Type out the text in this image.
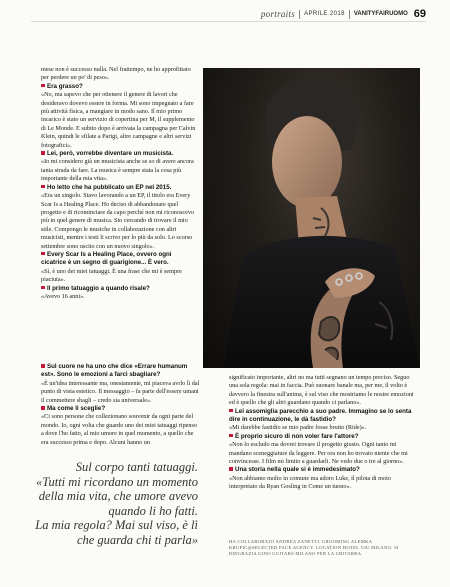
portraits APRILE 2018 VANITYFAIRUOMO 69

mese non è successo nulla. Nel frattempo, ne ho approfittato per perdere un po' di peso».

Era grasso?

«No, ma sapevo che per ottenere il genere di lavori che desideravo dovevo essere in forma. Mi sono impegnato a fare più attività fisica, a mangiare in modo sano. Il mio primo incarico è stato un servizio di copertina per M, il supplemento di Le Monde. E subito dopo è arrivata la campagna per Calvin Klein, quindi le sfilate a Parigi, altre campagne e altri servizi fotografici».

Lei, però, vorrebbe diventare un musicista.

«Io mi considero già un musicista anche se so di avere ancora tanta strada da fare. La musica è sempre stata la cosa più importante della mia vita».

Ho letto che ha pubblicato un EP nel 2015.

«Era un singolo. Stavo lavorando a un EP, il titolo era Every Scar Is a Healing Place. Ho deciso di abbandonare quel progetto e di ricominciare da capo perché non mi riconoscevo più in quel genere di musica. Sto cercando di trovare il mio stile. Compongo le musiche in collaborazione con altri musicisti, mentre i testi li scrivo per lo più da solo. Lo scorso settembre sono uscito con un nuovo singolo».

Every Scar Is a Healing Place, ovvero ogni cicatrice è un segno di guarigione... È vero.

«Sì, è uno dei miei tatuaggi. È una frase che mi è sempre piaciuta».

Il primo tatuaggio a quando risale?

«Avevo 16 anni».

Sul cuore ne ha uno che dice «Errare humanum est». Sono le emozioni a farci sbagliare?

«È un'idea interessante ma, onestamente, mi piaceva avrlo lì dal punto di vista estetico. Il messaggio – fa parte dell'essere umani il commettere sbagli – credo sia universale».

Ma come li sceglie?

«Ci sono persone che collezionano souvenir da ogni parte del mondo. Io, ogni volta che guardo uno dei miei tatuaggi ripenso a dove l'ho fatto, al mio umore in quel momento, a quello che era successo prima e dopo. Alcuni hanno un

Sul corpo tanti tatuaggi.

«Tutti mi ricordano un momento della mia vita, che umore avevo quando li ho fatti.

La mia regola? Mai sul viso, è lì che guarda chi ti parla»

significato importante, altri no ma tutti segnano un tempo preciso. Seguo una sola regola: mai in faccia. Può suonare banale ma, per me, il volto è davvero la finestra sull'anima, è sul viso che mostriamo le nostre emozioni ed è quello che gli altri guardano quando ci parlano».

Lei assomiglia parecchio a suo padre. Immagino se lo senta dire in continuazione, le dà fastidio?

«Mi darebbe fastidio se mio padre fosse brutto (Ride)».

È proprio sicuro di non voler fare l'attore?

«Non lo escludo ma dovrei trovare il progetto giusto. Ogni tanto mi mandano sceneggiature da leggere. Per ora non ho trovato niente che mi convincesse. I film mi limito a guardarli. Ne vedo due o tre al giorno».

Una storia nella quale si è immedesimato?

«Non abbiamo molto in comune ma adoro Luke, il pilota di moto interpretato da Ryan Gosling in Come un tuono».

HA COLLABORATO ANDREA ZANETTI. GROOMING ALEMKA KRUPIC@SELECTED FACE AGENCY. LOCATION HOTEL VIU MILANO. SI RINGRAZIA GINO GUITARS MILANO PER LA CHITARRA.
